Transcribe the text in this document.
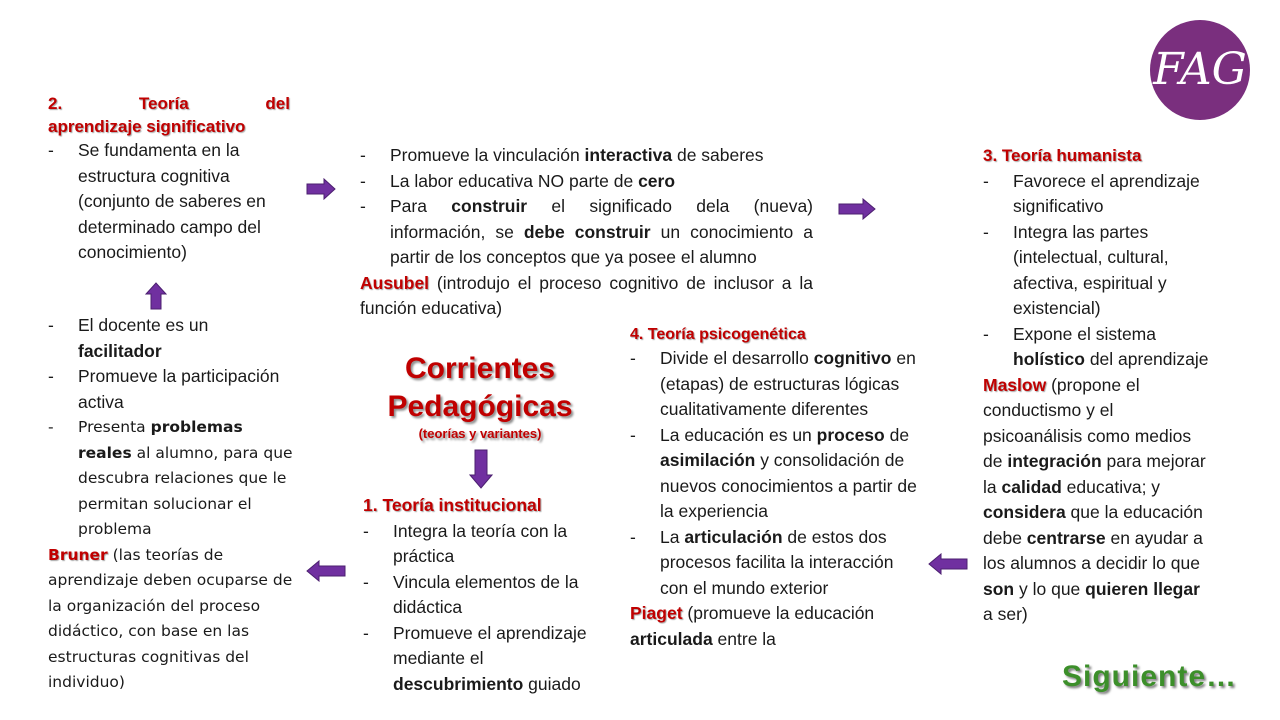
FAG
2.	Teoría	del
aprendizaje significativo
- Se fundamenta en la estructura cognitiva (conjunto de saberes en determinado campo del conocimiento)
- El docente es un facilitador
- Promueve la participación activa
- Presenta problemas reales al alumno, para que descubra relaciones que le permitan solucionar el problema
Bruner (las teorías de aprendizaje deben ocuparse de la organización del proceso didáctico, con base en las estructuras cognitivas del individuo)
- Promueve la vinculación interactiva de saberes
- La labor educativa NO parte de cero
- Para construir el significado dela (nueva) información, se debe construir un conocimiento a partir de los conceptos que ya posee el alumno
Ausubel (introdujo el proceso cognitivo de inclusor a la función educativa)
Corrientes
Pedagógicas
(teorías y variantes)
1. Teoría institucional
- Integra la teoría con la práctica
- Vincula elementos de la didáctica
- Promueve el aprendizaje mediante el descubrimiento guiado
4. Teoría psicogenética
- Divide el desarrollo cognitivo en (etapas) de estructuras lógicas cualitativamente diferentes
- La educación es un proceso de asimilación y consolidación de nuevos conocimientos a partir de la experiencia
- La articulación de estos dos procesos facilita la interacción con el mundo exterior
Piaget (promueve la educación articulada entre la
3. Teoría humanista
- Favorece el aprendizaje significativo
- Integra las partes (intelectual, cultural, afectiva, espiritual y existencial)
- Expone el sistema holístico del aprendizaje
Maslow (propone el conductismo y el psicoanálisis como medios de integración para mejorar la calidad educativa; y considera que la educación debe centrarse en ayudar a los alumnos a decidir lo que son y lo que quieren llegar a ser)
Siguiente…
